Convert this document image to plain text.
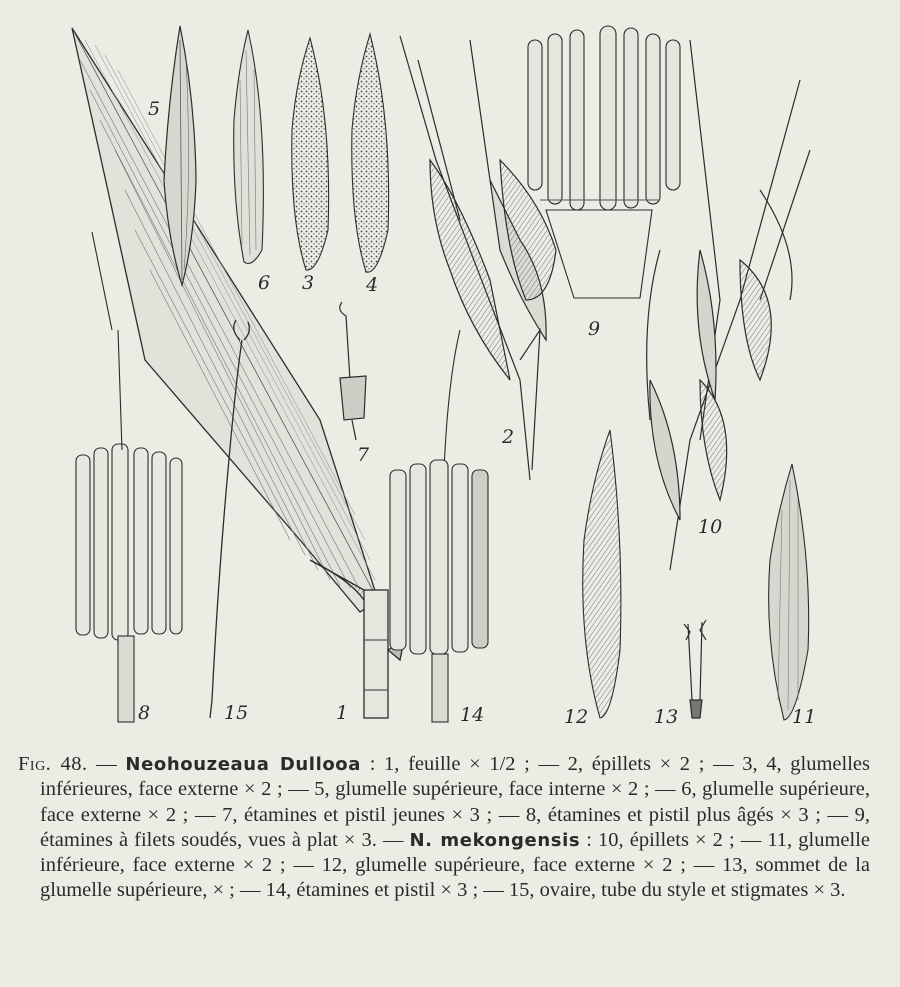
5
6 3	4
7
2
9
10
8	15	1	14	12	13	11

Fig. 48. — Neohouzeaua Dullooa : 1, feuille × 1/2 ; — 2, épillets × 2 ; — 3, 4, glumelles inférieures, face externe × 2 ; — 5, glumelle supérieure, face interne × 2 ; — 6, glumelle supérieure, face externe × 2 ; — 7, étamines et pistil jeunes × 3 ; — 8, étamines et pistil plus âgés × 3 ; — 9, étamines à filets soudés, vues à plat × 3. — N. mekongensis : 10, épillets × 2 ; — 11, glumelle inférieure, face externe × 2 ; — 12, glumelle supérieure, face externe × 2 ; — 13, sommet de la glumelle supérieure, × ; — 14, étamines et pistil × 3 ; — 15, ovaire, tube du style et stigmates × 3.
